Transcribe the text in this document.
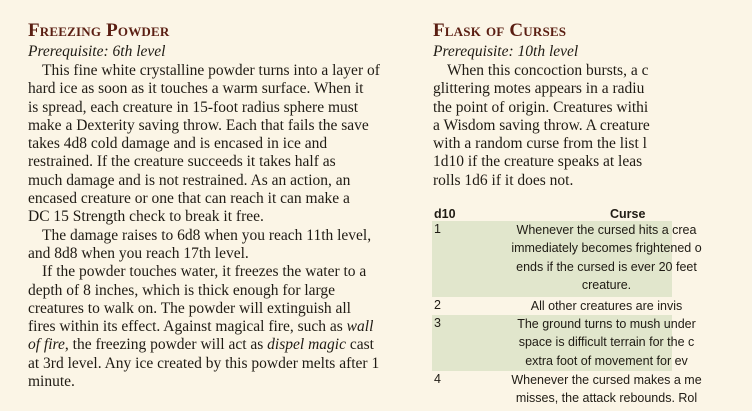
Freezing Powder
Prerequisite: 6th level
This fine white crystalline powder turns into a layer of
hard ice as soon as it touches a warm surface. When it
is spread, each creature in 15-foot radius sphere must
make a Dexterity saving throw. Each that fails the save
takes 4d8 cold damage and is encased in ice and
restrained. If the creature succeeds it takes half as
much damage and is not restrained. As an action, an
encased creature or one that can reach it can make a
DC 15 Strength check to break it free.
The damage raises to 6d8 when you reach 11th level,
and 8d8 when you reach 17th level.
If the powder touches water, it freezes the water to a
depth of 8 inches, which is thick enough for large
creatures to walk on. The powder will extinguish all
fires within its effect. Against magical fire, such as wall
of fire, the freezing powder will act as dispel magic cast
at 3rd level. Any ice created by this powder melts after 1
minute.
Flask of Curses
Prerequisite: 10th level
When this concoction bursts, a c
glittering motes appears in a radiu
the point of origin. Creatures withi
a Wisdom saving throw. A creature
with a random curse from the list l
1d10 if the creature speaks at leas
rolls 1d6 if it does not.
d10	Curse
1	Whenever the cursed hits a crea
immediately becomes frightened o
ends if the cursed is ever 20 feet
creature.
2	All other creatures are invis
3	The ground turns to mush under
space is difficult terrain for the c
extra foot of movement for ev
4	Whenever the cursed makes a me
misses, the attack rebounds. Rol
